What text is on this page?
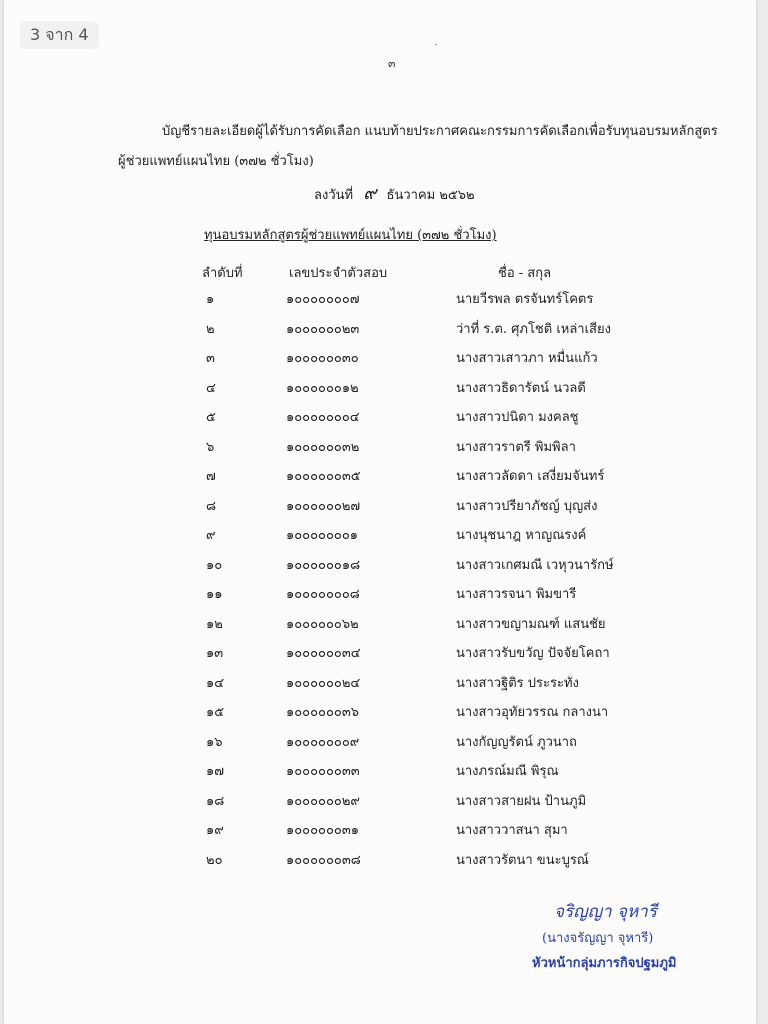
๓
บัญชีรายละเอียดผู้ได้รับการคัดเลือก แนบท้ายประกาศคณะกรรมการคัดเลือกเพื่อรับทุนอบรมหลักสูตร
ผู้ช่วยแพทย์แผนไทย (๓๗๒ ชั่วโมง)
ลงวันที่ ๙ ธันวาคม ๒๕๖๒
ทุนอบรมหลักสูตรผู้ช่วยแพทย์แผนไทย (๓๗๒ ชั่วโมง)
ลำดับที่	เลขประจำตัวสอบ	ชื่อ - สกุล
๑	๑๐๐๐๐๐๐๐๗	นายวีรพล ตรจันทร์โคตร
๒	๑๐๐๐๐๐๐๒๓	ว่าที่ ร.ต. ศุภโชติ เหล่าเสียง
๓	๑๐๐๐๐๐๐๓๐	นางสาวเสาวภา หมื่นแก้ว
๔	๑๐๐๐๐๐๐๑๒	นางสาวธิดารัตน์ นวลดี
๕	๑๐๐๐๐๐๐๐๔	นางสาวปนิดา มงคลชู
๖	๑๐๐๐๐๐๐๓๒	นางสาวราตรี พิมพิลา
๗	๑๐๐๐๐๐๐๓๕	นางสาวลัดดา เสงี่ยมจันทร์
๘	๑๐๐๐๐๐๐๒๗	นางสาวปรียาภัชญ์ บุญส่ง
๙	๑๐๐๐๐๐๐๐๑	นางนุชนาฎ หาญณรงค์
๑๐	๑๐๐๐๐๐๐๑๘	นางสาวเกศมณี เวหุวนารักษ์
๑๑	๑๐๐๐๐๐๐๐๘	นางสาวรจนา พิมขารี
๑๒	๑๐๐๐๐๐๐๖๒	นางสาวขญามณฑ์ แสนชัย
๑๓	๑๐๐๐๐๐๐๓๔	นางสาวรับขวัญ ปัจจัยโคถา
๑๔	๑๐๐๐๐๐๐๒๔	นางสาวฐิติร ประระทัง
๑๕	๑๐๐๐๐๐๐๓๖	นางสาวอุทัยวรรณ กลางนา
๑๖	๑๐๐๐๐๐๐๐๙	นางกัญญรัตน์ ภูวนาถ
๑๗	๑๐๐๐๐๐๐๓๓	นางภรณ์มณี พิรุณ
๑๘	๑๐๐๐๐๐๐๒๙	นางสาวสายฝน ป้านภูมิ
๑๙	๑๐๐๐๐๐๐๓๑	นางสาววาสนา สุมา
๒๐	๑๐๐๐๐๐๐๓๘	นางสาวรัตนา ขนะบูรณ์
จริญญา จุหารี
(นางจรัญญา จุหารี)
หัวหน้ากลุ่มภารกิจปฐมภูมิ
3 จาก 4
